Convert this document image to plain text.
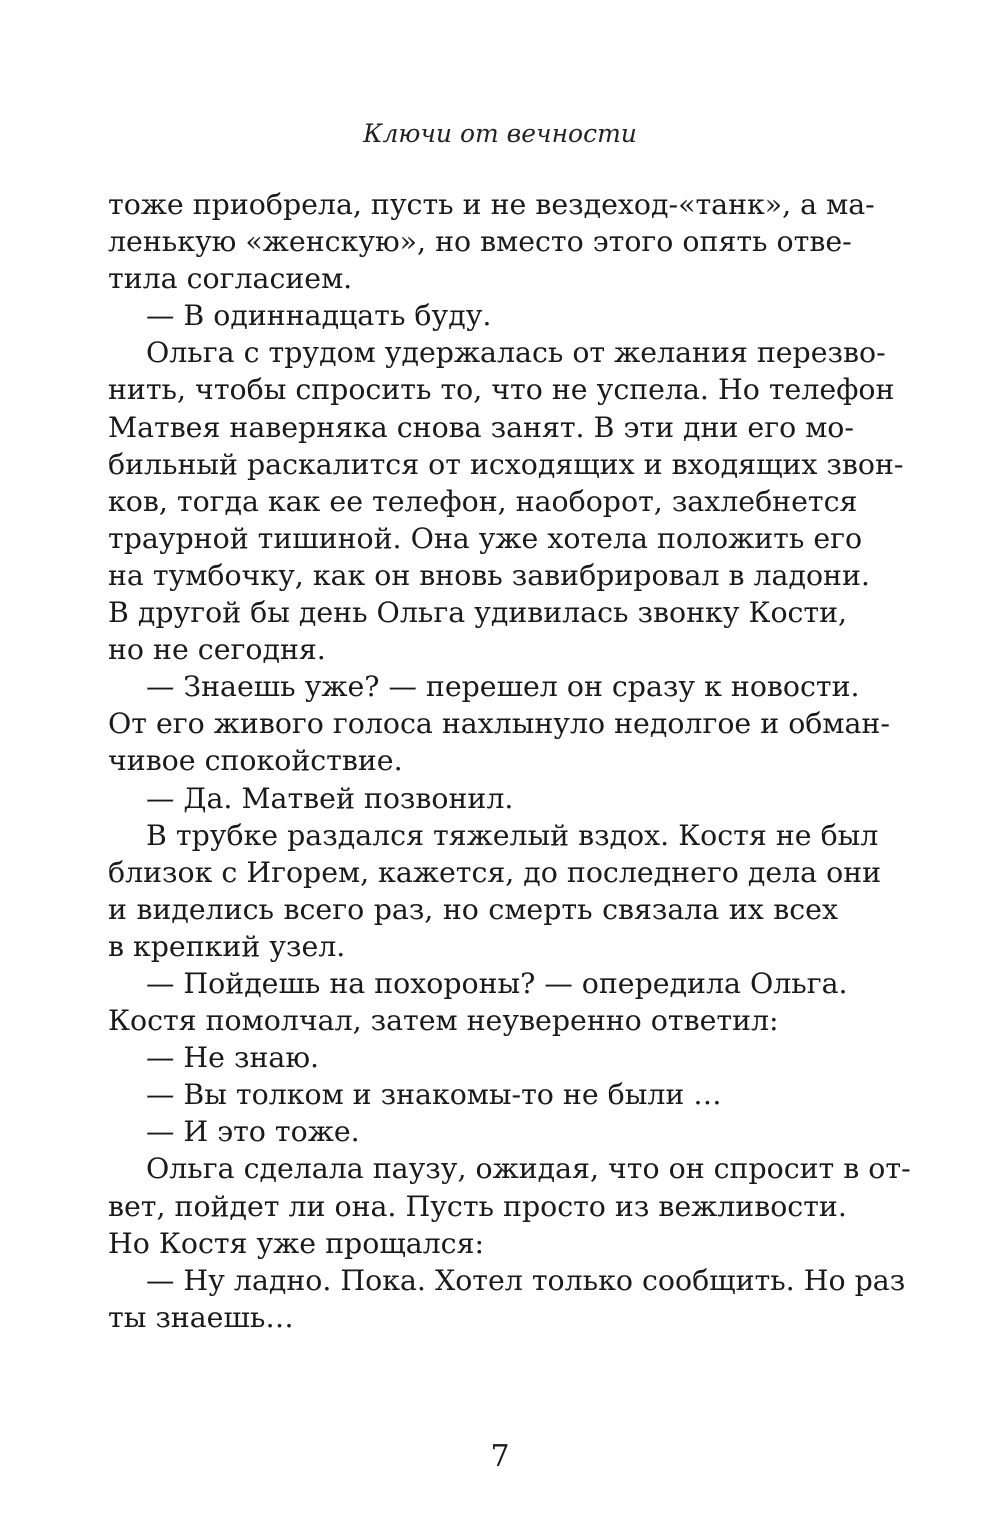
Ключи от вечности
тоже приобрела, пусть и не вездеход-«танк», а ма-
ленькую «женскую», но вместо этого опять отве-
тила согласием.
— В одиннадцать буду.
Ольга с трудом удержалась от желания перезво-
нить, чтобы спросить то, что не успела. Но телефон
Матвея наверняка снова занят. В эти дни его мо-
бильный раскалится от исходящих и входящих звон-
ков, тогда как ее телефон, наоборот, захлебнется
траурной тишиной. Она уже хотела положить его
на тумбочку, как он вновь завибрировал в ладони.
В другой бы день Ольга удивилась звонку Кости,
но не сегодня.
— Знаешь уже? — перешел он сразу к новости.
От его живого голоса нахлынуло недолгое и обман-
чивое спокойствие.
— Да. Матвей позвонил.
В трубке раздался тяжелый вздох. Костя не был
близок с Игорем, кажется, до последнего дела они
и виделись всего раз, но смерть связала их всех
в крепкий узел.
— Пойдешь на похороны? — опередила Ольга.
Костя помолчал, затем неуверенно ответил:
— Не знаю.
— Вы толком и знакомы-то не были …
— И это тоже.
Ольга сделала паузу, ожидая, что он спросит в от-
вет, пойдет ли она. Пусть просто из вежливости.
Но Костя уже прощался:
— Ну ладно. Пока. Хотел только сообщить. Но раз
ты знаешь…
7
